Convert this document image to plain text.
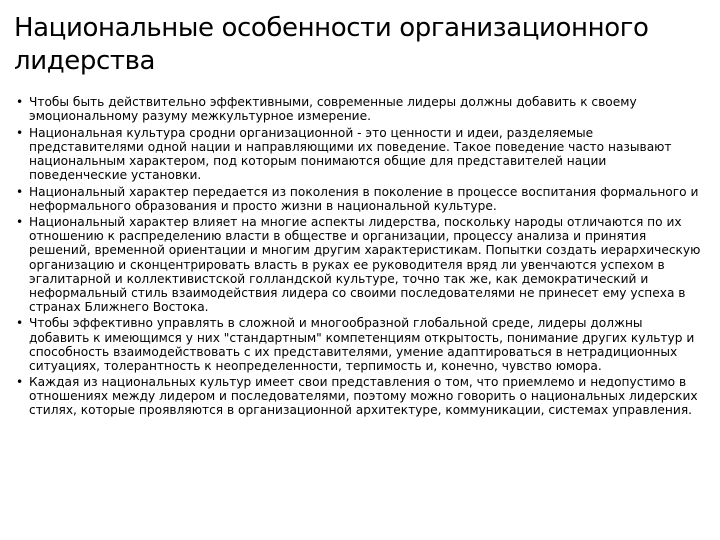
Национальные особенности организационного лидерства
• Чтобы быть действительно эффективными, современные лидеры должны добавить к своему эмоциональному разуму межкультурное измерение.
• Национальная культура сродни организационной - это ценности и идеи, разделяемые представителями одной нации и направляющими их поведение. Такое поведение часто называют национальным характером, под которым понимаются общие для представителей нации поведенческие установки.
• Национальный характер передается из поколения в поколение в процессе воспитания формального и неформального образования и просто жизни в национальной культуре.
• Национальный характер влияет на многие аспекты лидерства, поскольку народы отличаются по их отношению к распределению власти в обществе и организации, процессу анализа и принятия решений, временной ориентации и многим другим характеристикам. Попытки создать иерархическую организацию и сконцентрировать власть в руках ее руководителя вряд ли увенчаются успехом в эгалитарной и коллективистской голландской культуре, точно так же, как демократический и неформальный стиль взаимодействия лидера со своими последователями не принесет ему успеха в странах Ближнего Востока.
• Чтобы эффективно управлять в сложной и многообразной глобальной среде, лидеры должны добавить к имеющимся у них "стандартным" компетенциям открытость, понимание других культур и способность взаимодействовать с их представителями, умение адаптироваться в нетрадиционных ситуациях, толерантность к неопределенности, терпимость и, конечно, чувство юмора.
• Каждая из национальных культур имеет свои представления о том, что приемлемо и недопустимо в отношениях между лидером и последователями, поэтому можно говорить о национальных лидерских стилях, которые проявляются в организационной архитектуре, коммуникации, системах управления.
